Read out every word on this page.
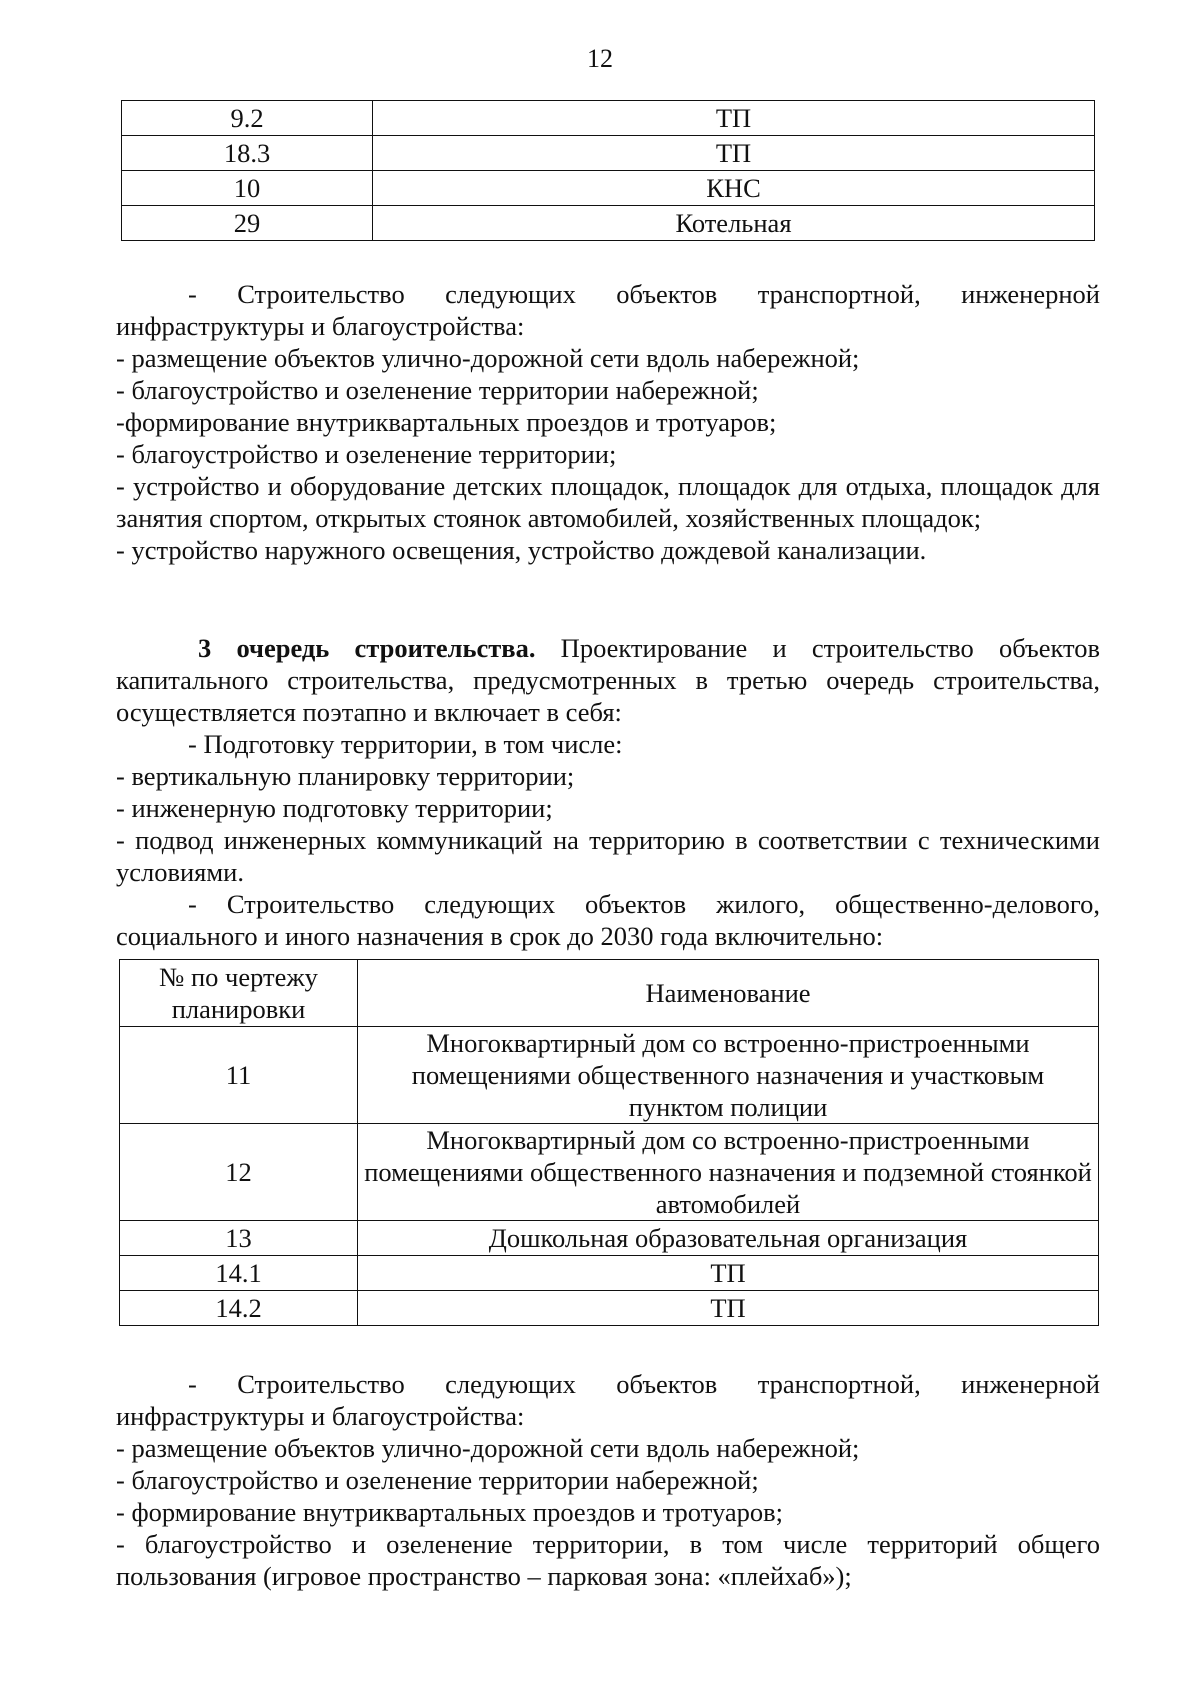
12
9.2	ТП
18.3	ТП
10	КНС
29	Котельная

- Строительство следующих объектов транспортной, инженерной инфраструктуры и благоустройства:

- размещение объектов улично-дорожной сети вдоль набережной;

- благоустройство и озеленение территории набережной;

-формирование внутриквартальных проездов и тротуаров;

- благоустройство и озеленение территории;

- устройство и оборудование детских площадок, площадок для отдыха, площадок для занятия спортом, открытых стоянок автомобилей, хозяйственных площадок;

- устройство наружного освещения, устройство дождевой канализации.

3 очередь строительства. Проектирование и строительство объектов капитального строительства, предусмотренных в третью очередь строительства, осуществляется поэтапно и включает в себя:

- Подготовку территории, в том числе:

- вертикальную планировку территории;

- инженерную подготовку территории;

- подвод инженерных коммуникаций на территорию в соответствии с техническими условиями.

- Строительство следующих объектов жилого, общественно-делового, социального и иного назначения в срок до 2030 года включительно:

№ по чертежу планировки	Наименование
11	Многоквартирный дом со встроенно-пристроенными помещениями общественного назначения и участковым пунктом полиции
12	Многоквартирный дом со встроенно-пристроенными помещениями общественного назначения и подземной стоянкой автомобилей
13	Дошкольная образовательная организация
14.1	ТП
14.2	ТП

- Строительство следующих объектов транспортной, инженерной инфраструктуры и благоустройства:

- размещение объектов улично-дорожной сети вдоль набережной;

- благоустройство и озеленение территории набережной;

- формирование внутриквартальных проездов и тротуаров;

- благоустройство и озеленение территории, в том числе территорий общего пользования (игровое пространство – парковая зона: «плейхаб»);
